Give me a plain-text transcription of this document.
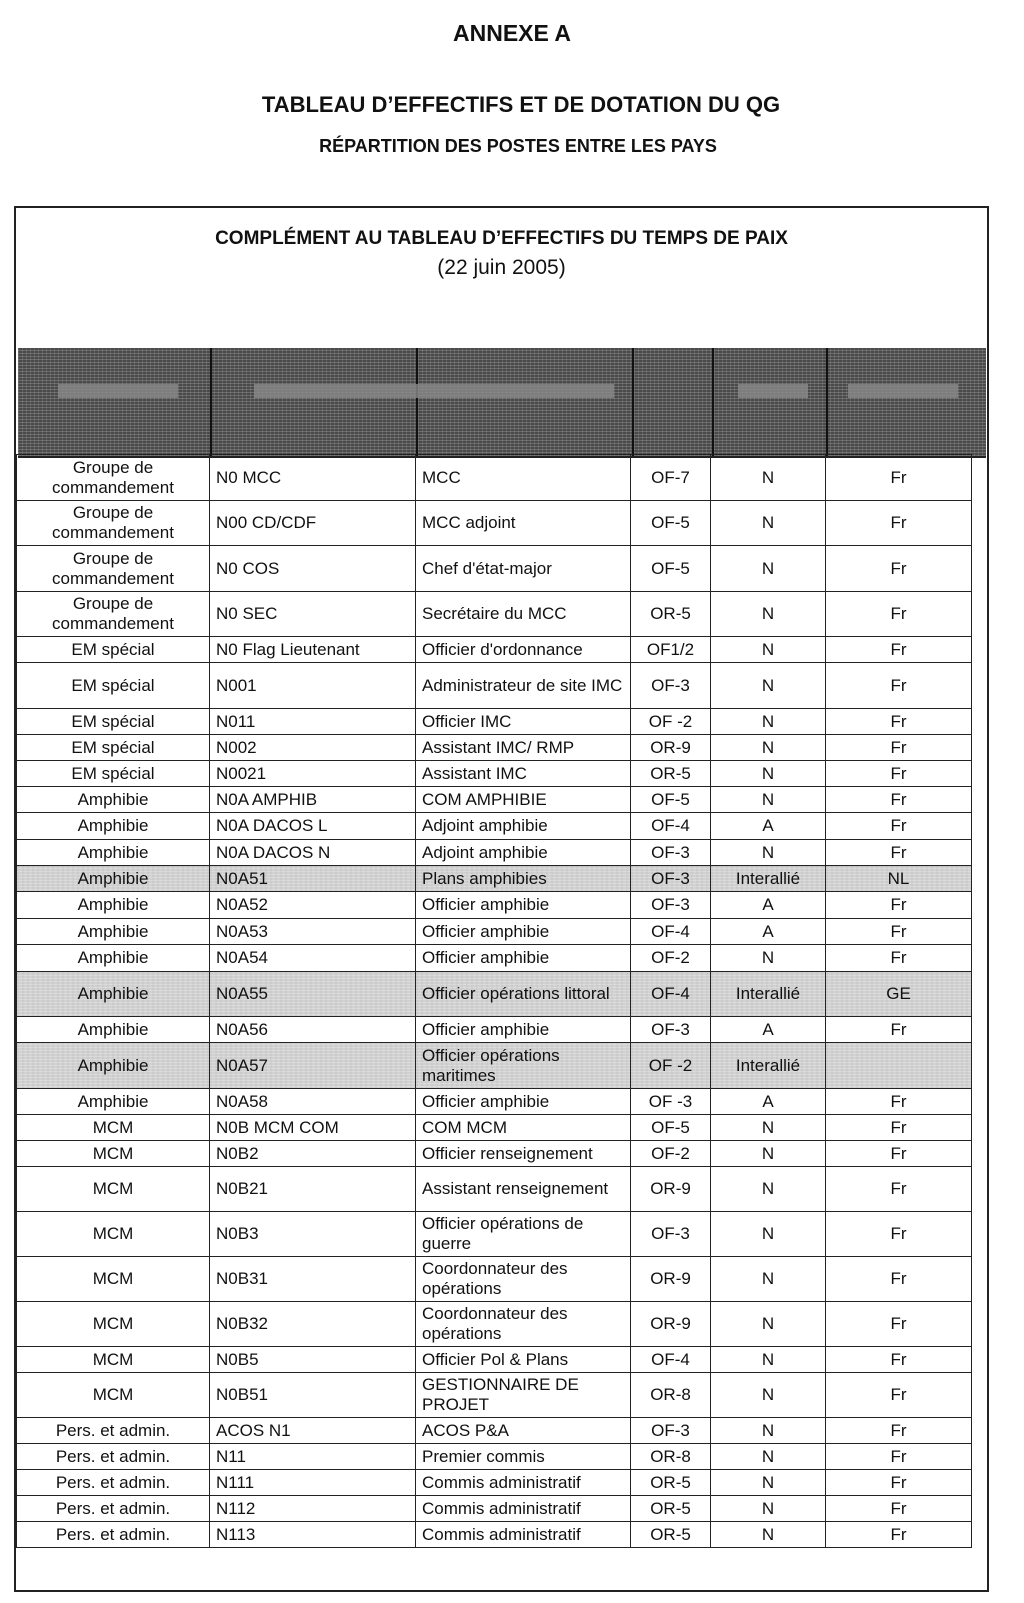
ANNEXE A
TABLEAU D’EFFECTIFS ET DE DOTATION DU QG
RÉPARTITION DES POSTES ENTRE LES PAYS
COMPLÉMENT AU TABLEAU D’EFFECTIFS DU TEMPS DE PAIX
(22 juin 2005)
Groupe de commandement	N0 MCC	MCC	OF-7	N	Fr
Groupe de commandement	N00 CD/CDF	MCC adjoint	OF-5	N	Fr
Groupe de commandement	N0 COS	Chef d'état-major	OF-5	N	Fr
Groupe de commandement	N0 SEC	Secrétaire du MCC	OR-5	N	Fr
EM spécial	N0 Flag Lieutenant	Officier d'ordonnance	OF1/2	N	Fr
EM spécial	N001	Administrateur de site IMC	OF-3	N	Fr
EM spécial	N011	Officier IMC	OF -2	N	Fr
EM spécial	N002	Assistant IMC/ RMP	OR-9	N	Fr
EM spécial	N0021	Assistant IMC	OR-5	N	Fr
Amphibie	N0A AMPHIB	COM AMPHIBIE	OF-5	N	Fr
Amphibie	N0A DACOS L	Adjoint amphibie	OF-4	A	Fr
Amphibie	N0A DACOS N	Adjoint amphibie	OF-3	N	Fr
Amphibie	N0A51	Plans amphibies	OF-3	Interallié	NL
Amphibie	N0A52	Officier amphibie	OF-3	A	Fr
Amphibie	N0A53	Officier amphibie	OF-4	A	Fr
Amphibie	N0A54	Officier amphibie	OF-2	N	Fr
Amphibie	N0A55	Officier opérations littoral	OF-4	Interallié	GE
Amphibie	N0A56	Officier amphibie	OF-3	A	Fr
Amphibie	N0A57	Officier opérations maritimes	OF -2	Interallié	
Amphibie	N0A58	Officier amphibie	OF -3	A	Fr
MCM	N0B MCM COM	COM MCM	OF-5	N	Fr
MCM	N0B2	Officier renseignement	OF-2	N	Fr
MCM	N0B21	Assistant renseignement	OR-9	N	Fr
MCM	N0B3	Officier opérations de guerre	OF-3	N	Fr
MCM	N0B31	Coordonnateur des opérations	OR-9	N	Fr
MCM	N0B32	Coordonnateur des opérations	OR-9	N	Fr
MCM	N0B5	Officier Pol & Plans	OF-4	N	Fr
MCM	N0B51	GESTIONNAIRE DE PROJET	OR-8	N	Fr
Pers. et admin.	ACOS N1	ACOS P&A	OF-3	N	Fr
Pers. et admin.	N11	Premier commis	OR-8	N	Fr
Pers. et admin.	N111	Commis administratif	OR-5	N	Fr
Pers. et admin.	N112	Commis administratif	OR-5	N	Fr
Pers. et admin.	N113	Commis administratif	OR-5	N	Fr
